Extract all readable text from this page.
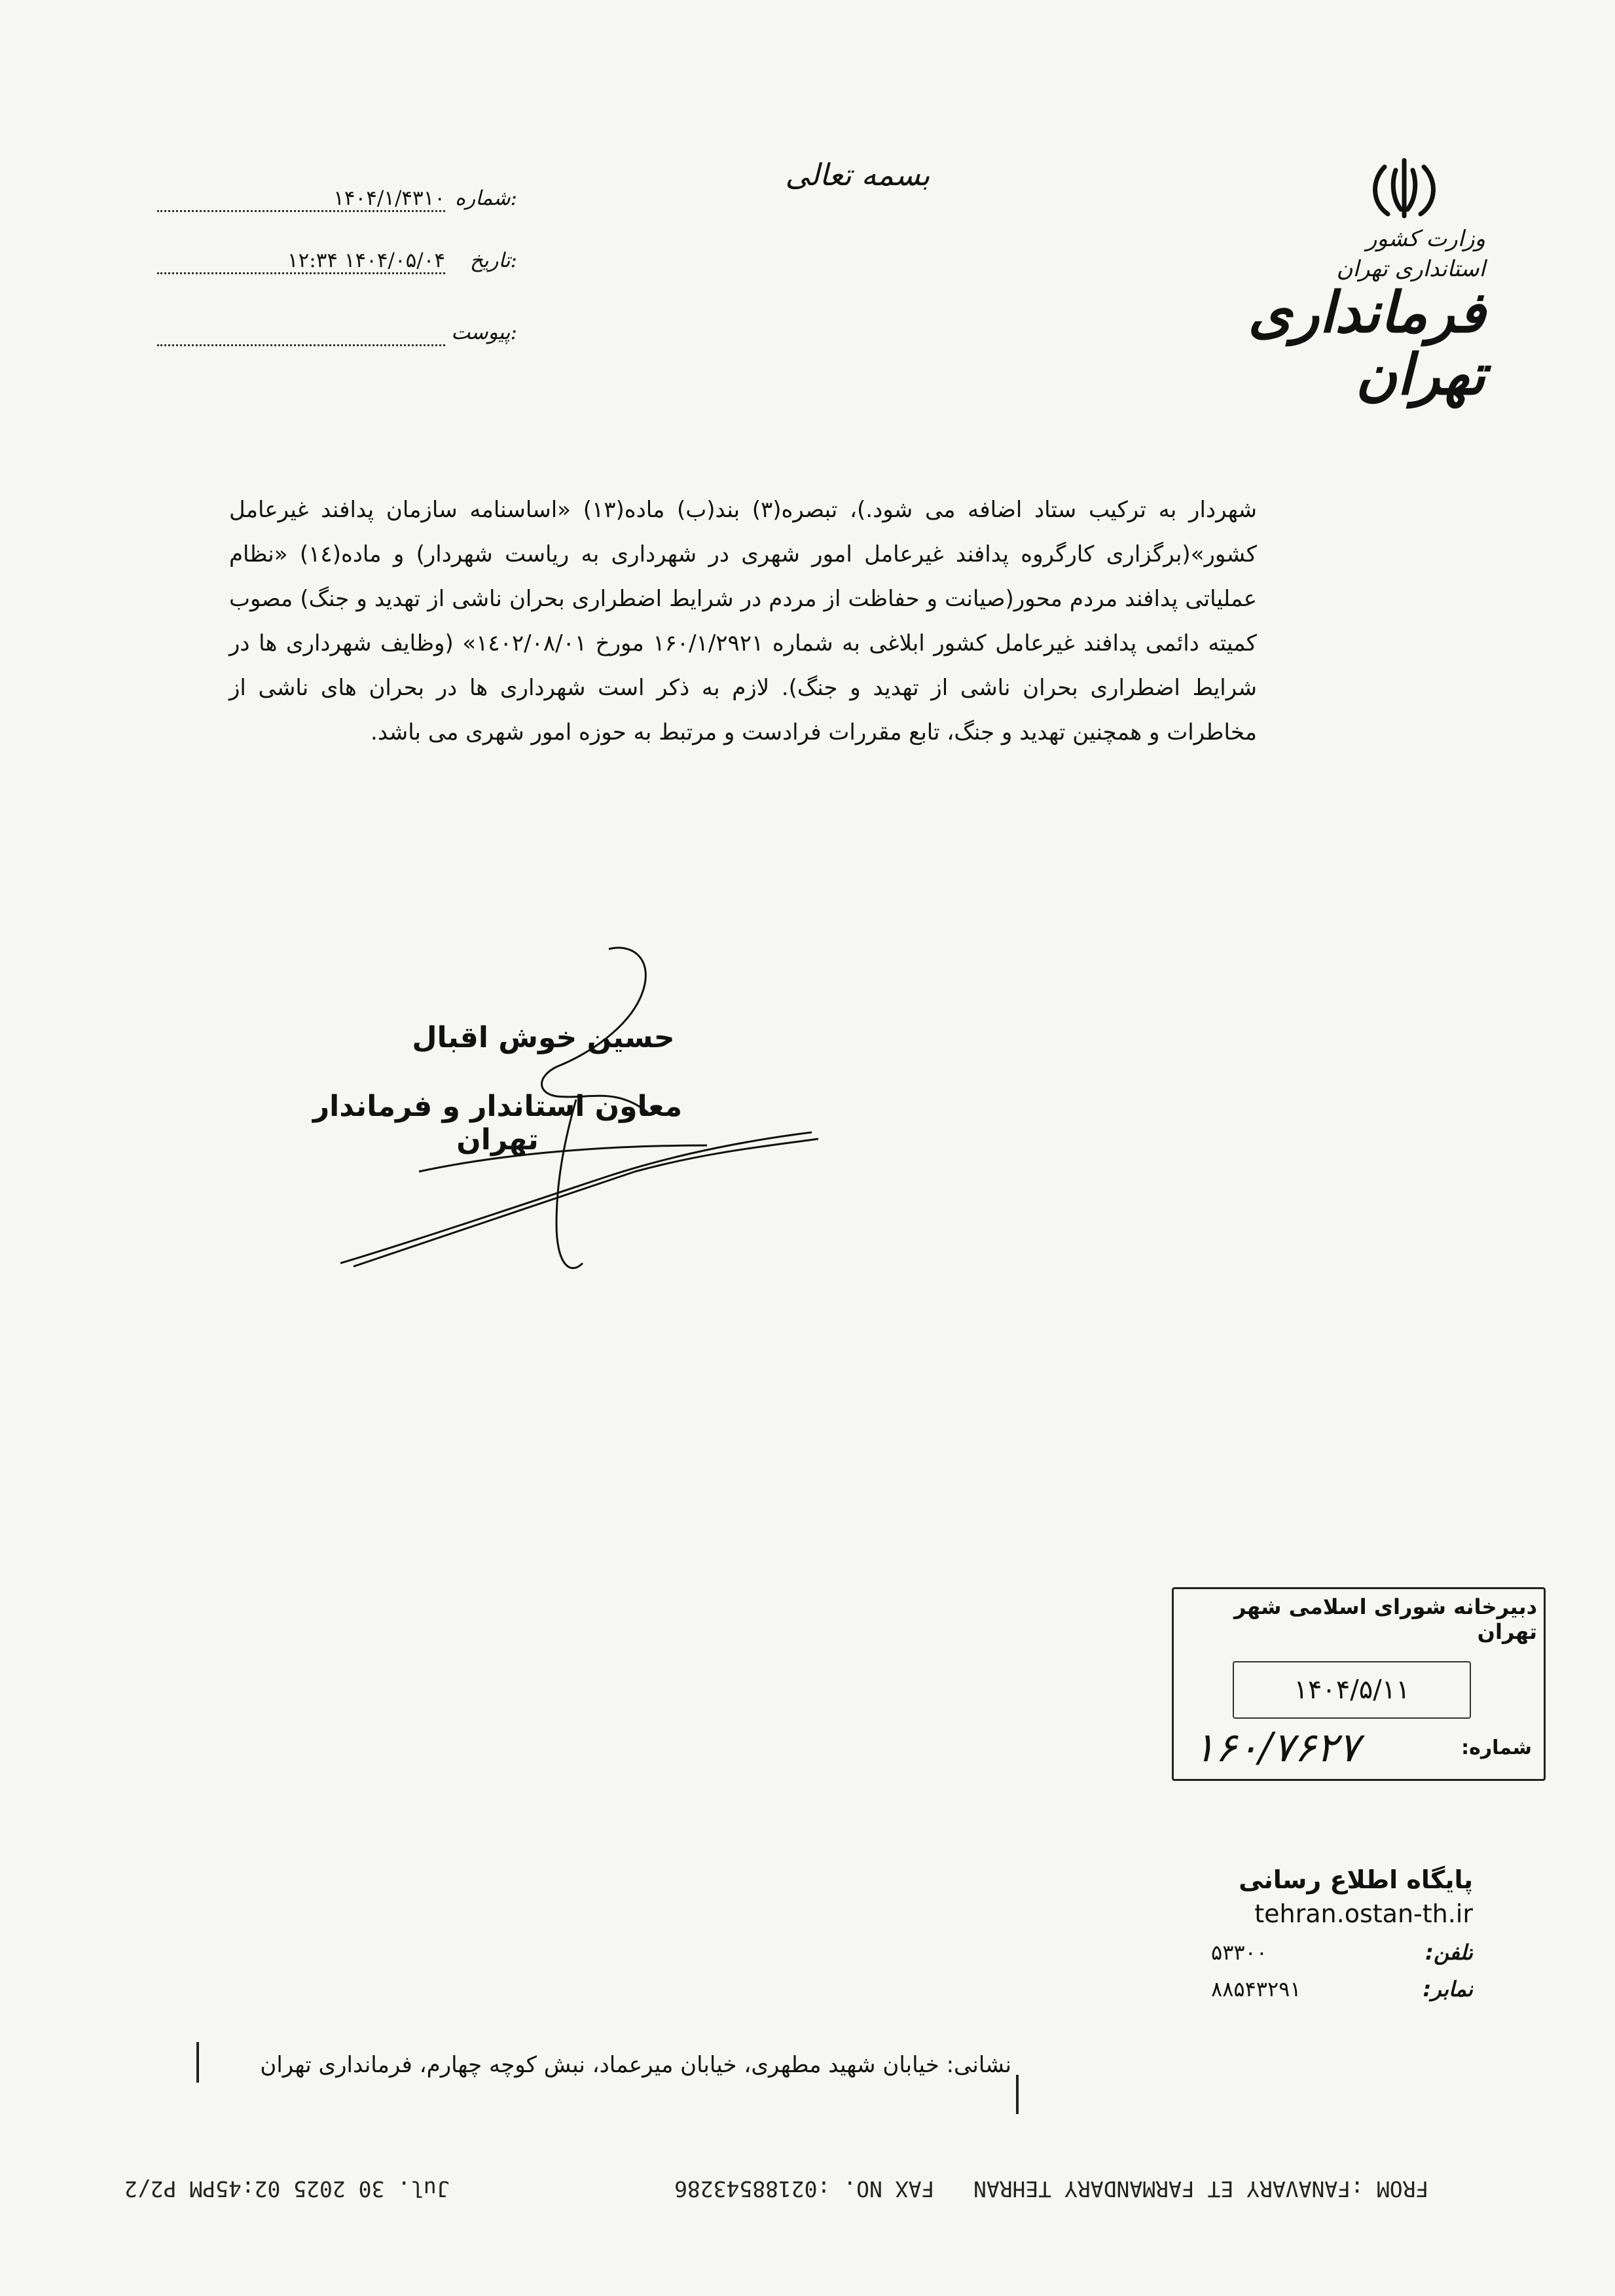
بسمه تعالی
وزارت کشور
استانداری تهران
فرمانداری تهران
شماره:
۱۴۰۴/۱/۴۳۱۰
تاریخ:
۱۲:۳۴ ۱۴۰۴/۰۵/۰۴
پیوست:
شهردار به ترکیب ستاد اضافه می شود.)، تبصره(۳) بند(ب) ماده(۱۳) «اساسنامه سازمان پدافند غیرعامل کشور»(برگزاری کارگروه پدافند غیرعامل امور شهری در شهرداری به ریاست شهردار) و ماده(۱٤) «نظام عملیاتی پدافند مردم محور(صیانت و حفاظت از مردم در شرایط اضطراری بحران ناشی از تهدید و جنگ) مصوب کمیته دائمی پدافند غیرعامل کشور ابلاغی به شماره ۱۶۰/۱/۲۹۲۱ مورخ ۱٤۰۲/۰۸/۰۱» (وظایف شهرداری ها در شرایط اضطراری بحران ناشی از تهدید و جنگ). لازم به ذکر است شهرداری ها در بحران های ناشی از مخاطرات و همچنین تهدید و جنگ، تابع مقررات فرادست و مرتبط به حوزه امور شهری می باشد.
حسین خوش اقبال
معاون استاندار و فرماندار تهران
دبیرخانه شورای اسلامی شهر تهران
۱۴۰۴/۵/۱۱
شماره:
۱۶۰/۷۶۲۷
پایگاه اطلاع رسانی
tehran.ostan-th.ir
تلفن:
۵۳۳۰۰
نمابر:
۸۸۵۴۳۲۹۱
نشانی: خیابان شهید مطهری، خیابان میرعماد، نبش کوچه چهارم، فرمانداری تهران
Jul. 30 2025 02:45PM P2/2	FROM :FANAVARY ET FARMANDARY TEHRAN   FAX NO. :02188543286
